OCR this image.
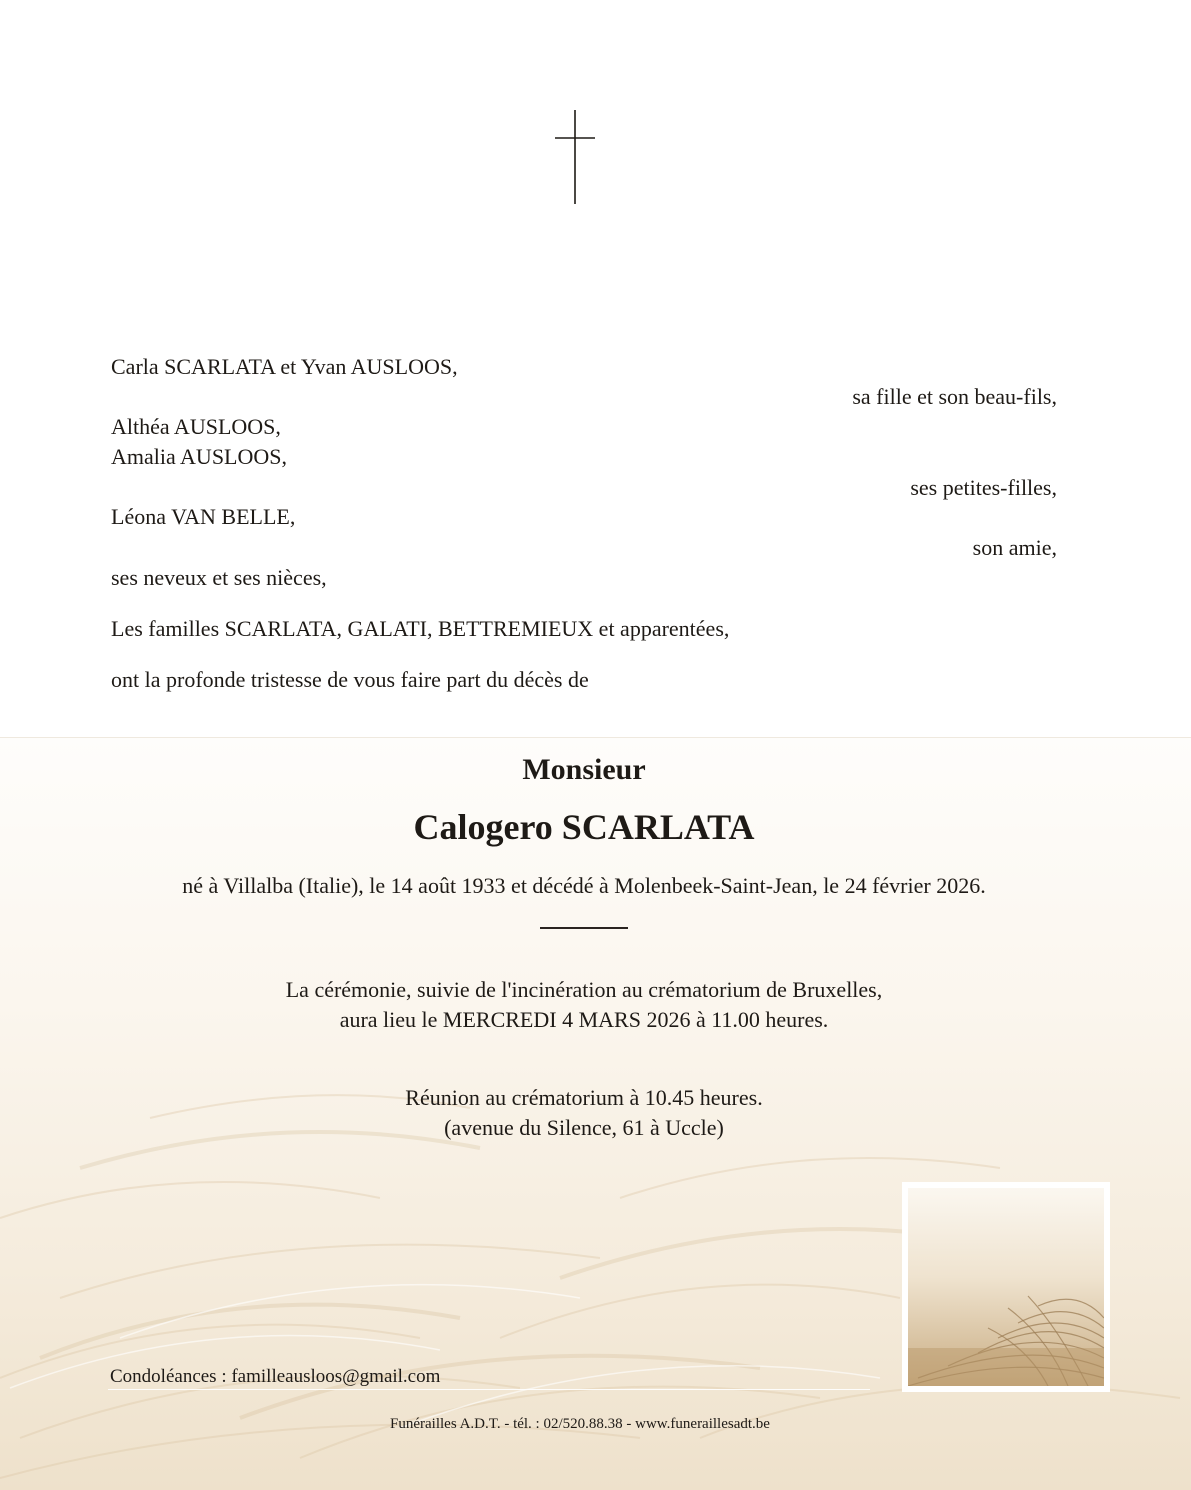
Carla SCARLATA et Yvan AUSLOOS,
sa fille et son beau-fils,
Althéa AUSLOOS,
Amalia AUSLOOS,
ses petites-filles,
Léona VAN BELLE,
son amie,
ses neveux et ses nièces,
Les familles SCARLATA, GALATI, BETTREMIEUX et apparentées,
ont la profonde tristesse de vous faire part du décès de
Monsieur
Calogero SCARLATA
né à Villalba (Italie), le 14 août 1933 et décédé à Molenbeek-Saint-Jean, le 24 février 2026.
La cérémonie, suivie de l'incinération au crématorium de Bruxelles,
aura lieu le MERCREDI 4 MARS 2026 à 11.00 heures.
Réunion au crématorium à 10.45 heures.
(avenue du Silence, 61 à Uccle)
Condoléances : familleausloos@gmail.com
Funérailles A.D.T. - tél. : 02/520.88.38 - www.funeraillesadt.be
